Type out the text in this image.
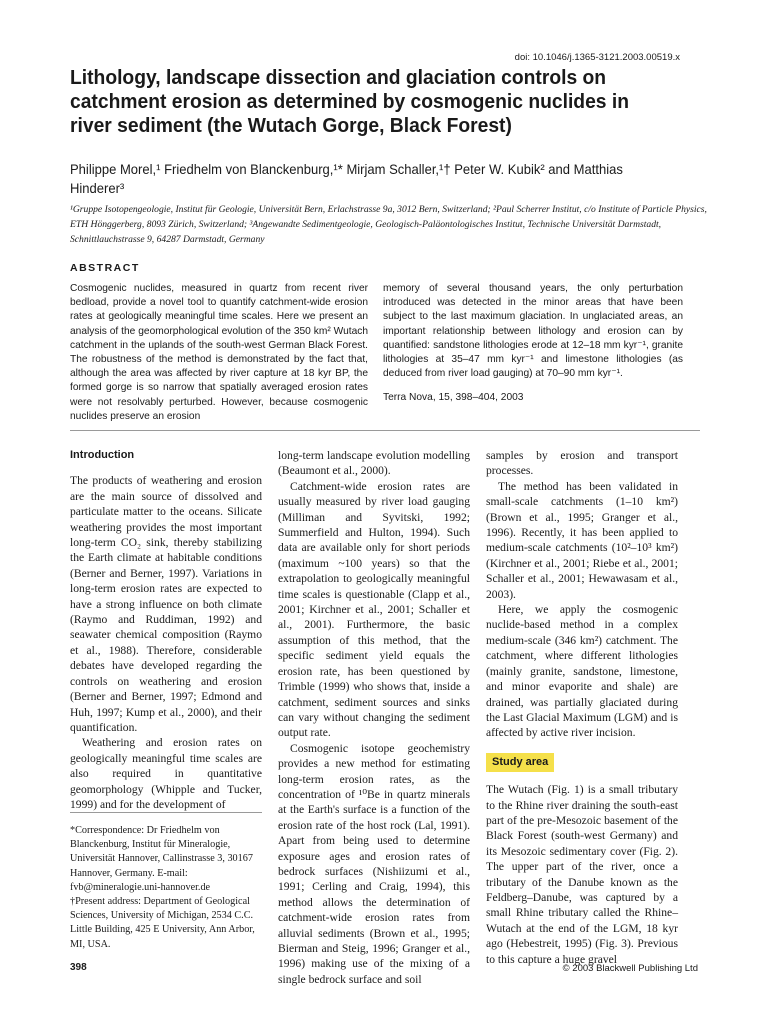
doi: 10.1046/j.1365-3121.2003.00519.x
Lithology, landscape dissection and glaciation controls on catchment erosion as determined by cosmogenic nuclides in river sediment (the Wutach Gorge, Black Forest)
Philippe Morel,¹ Friedhelm von Blanckenburg,¹* Mirjam Schaller,¹† Peter W. Kubik² and Matthias Hinderer³
¹Gruppe Isotopengeologie, Institut für Geologie, Universität Bern, Erlachstrasse 9a, 3012 Bern, Switzerland; ²Paul Scherrer Institut, c/o Institute of Particle Physics, ETH Hönggerberg, 8093 Zürich, Switzerland; ³Angewandte Sedimentgeologie, Geologisch-Paläontologisches Institut, Technische Universität Darmstadt, Schnittlauchstrasse 9, 64287 Darmstadt, Germany
ABSTRACT
Cosmogenic nuclides, measured in quartz from recent river bedload, provide a novel tool to quantify catchment-wide erosion rates at geologically meaningful time scales. Here we present an analysis of the geomorphological evolution of the 350 km² Wutach catchment in the uplands of the south-west German Black Forest. The robustness of the method is demonstrated by the fact that, although the area was affected by river capture at 18 kyr BP, the formed gorge is so narrow that spatially averaged erosion rates were not resolvably perturbed. However, because cosmogenic nuclides preserve an erosion
memory of several thousand years, the only perturbation introduced was detected in the minor areas that have been subject to the last maximum glaciation. In unglaciated areas, an important relationship between lithology and erosion can by quantified: sandstone lithologies erode at 12–18 mm kyr⁻¹, granite lithologies at 35–47 mm kyr⁻¹ and limestone lithologies (as deduced from river load gauging) at 70–90 mm kyr⁻¹.
Terra Nova, 15, 398–404, 2003
Introduction

The products of weathering and erosion are the main source of dissolved and particulate matter to the oceans. Silicate weathering provides the most important long-term CO₂ sink, thereby stabilizing the Earth climate at habitable conditions (Berner and Berner, 1997). Variations in long-term erosion rates are expected to have a strong influence on both climate (Raymo and Ruddiman, 1992) and seawater chemical composition (Raymo et al., 1988). Therefore, considerable debates have developed regarding the controls on weathering and erosion (Berner and Berner, 1997; Edmond and Huh, 1997; Kump et al., 2000), and their quantification.

Weathering and erosion rates on geologically meaningful time scales are also required in quantitative geomorphology (Whipple and Tucker, 1999) and for the development of

*Correspondence: Dr Friedhelm von Blanckenburg, Institut für Mineralogie, Universität Hannover, Callinstrasse 3, 30167 Hannover, Germany. E-mail: fvb@mineralogie.uni-hannover.de

†Present address: Department of Geological Sciences, University of Michigan, 2534 C.C. Little Building, 425 E University, Ann Arbor, MI, USA.

long-term landscape evolution modelling (Beaumont et al., 2000).

Catchment-wide erosion rates are usually measured by river load gauging (Milliman and Syvitski, 1992; Summerfield and Hulton, 1994). Such data are available only for short periods (maximum ~100 years) so that the extrapolation to geologically meaningful time scales is questionable (Clapp et al., 2001; Kirchner et al., 2001; Schaller et al., 2001). Furthermore, the basic assumption of this method, that the specific sediment yield equals the erosion rate, has been questioned by Trimble (1999) who shows that, inside a catchment, sediment sources and sinks can vary without changing the sediment output rate.

Cosmogenic isotope geochemistry provides a new method for estimating long-term erosion rates, as the concentration of ¹⁰Be in quartz minerals at the Earth's surface is a function of the erosion rate of the host rock (Lal, 1991). Apart from being used to determine exposure ages and erosion rates of bedrock surfaces (Nishiizumi et al., 1991; Cerling and Craig, 1994), this method allows the determination of catchment-wide erosion rates from alluvial sediments (Brown et al., 1995; Bierman and Steig, 1996; Granger et al., 1996) making use of the mixing of a single bedrock surface and soil

samples by erosion and transport processes.

The method has been validated in small-scale catchments (1–10 km²) (Brown et al., 1995; Granger et al., 1996). Recently, it has been applied to medium-scale catchments (10²–10³ km²) (Kirchner et al., 2001; Riebe et al., 2001; Schaller et al., 2001; Hewawasam et al., 2003).

Here, we apply the cosmogenic nuclide-based method in a complex medium-scale (346 km²) catchment. The catchment, where different lithologies (mainly granite, sandstone, limestone, and minor evaporite and shale) are drained, was partially glaciated during the Last Glacial Maximum (LGM) and is affected by active river incision.

Study area

The Wutach (Fig. 1) is a small tributary to the Rhine river draining the south-east part of the pre-Mesozoic basement of the Black Forest (south-west Germany) and its Mesozoic sedimentary cover (Fig. 2). The upper part of the river, once a tributary of the Danube known as the Feldberg–Danube, was captured by a small Rhine tributary called the Rhine–Wutach at the end of the LGM, 18 kyr ago (Hebestreit, 1995) (Fig. 3). Previous to this capture a huge gravel

398	© 2003 Blackwell Publishing Ltd
